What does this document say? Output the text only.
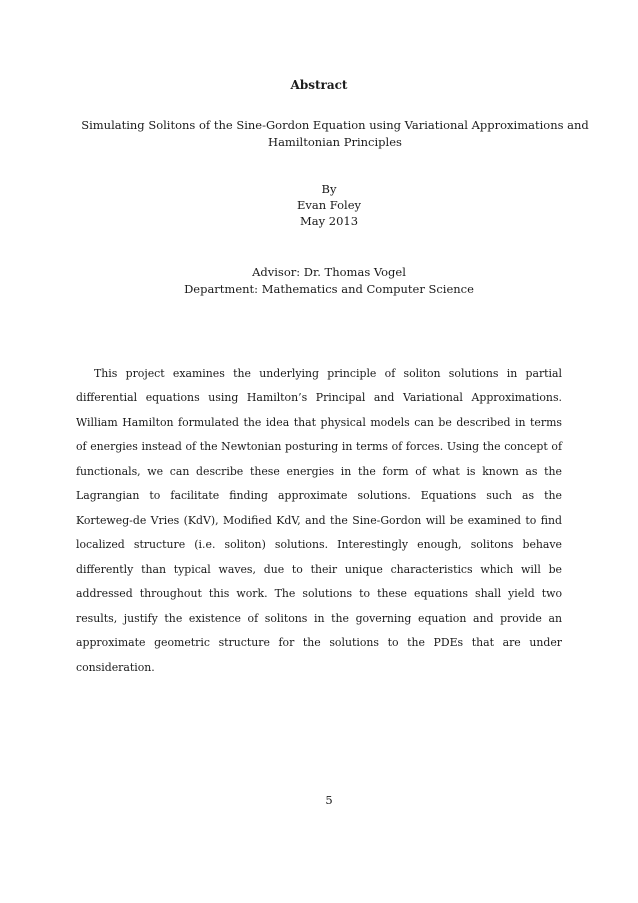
Abstract
Simulating Solitons of the Sine-Gordon Equation using Variational Approximations and Hamiltonian Principles
By
Evan Foley
May 2013
Advisor: Dr. Thomas Vogel
Department: Mathematics and Computer Science

This project examines the underlying principle of soliton solutions in partial differential equations using Hamilton’s Principal and Variational Approximations. William Hamilton formulated the idea that physical models can be described in terms of energies instead of the Newtonian posturing in terms of forces. Using the concept of functionals, we can describe these energies in the form of what is known as the Lagrangian to facilitate finding approximate solutions. Equations such as the Korteweg-de Vries (KdV), Modified KdV, and the Sine-Gordon will be examined to find localized structure (i.e. soliton) solutions. Interestingly enough, solitons behave differently than typical waves, due to their unique characteristics which will be addressed throughout this work. The solutions to these equations shall yield two results, justify the existence of solitons in the governing equation and provide an approximate geometric structure for the solutions to the PDEs that are under consideration.

5
